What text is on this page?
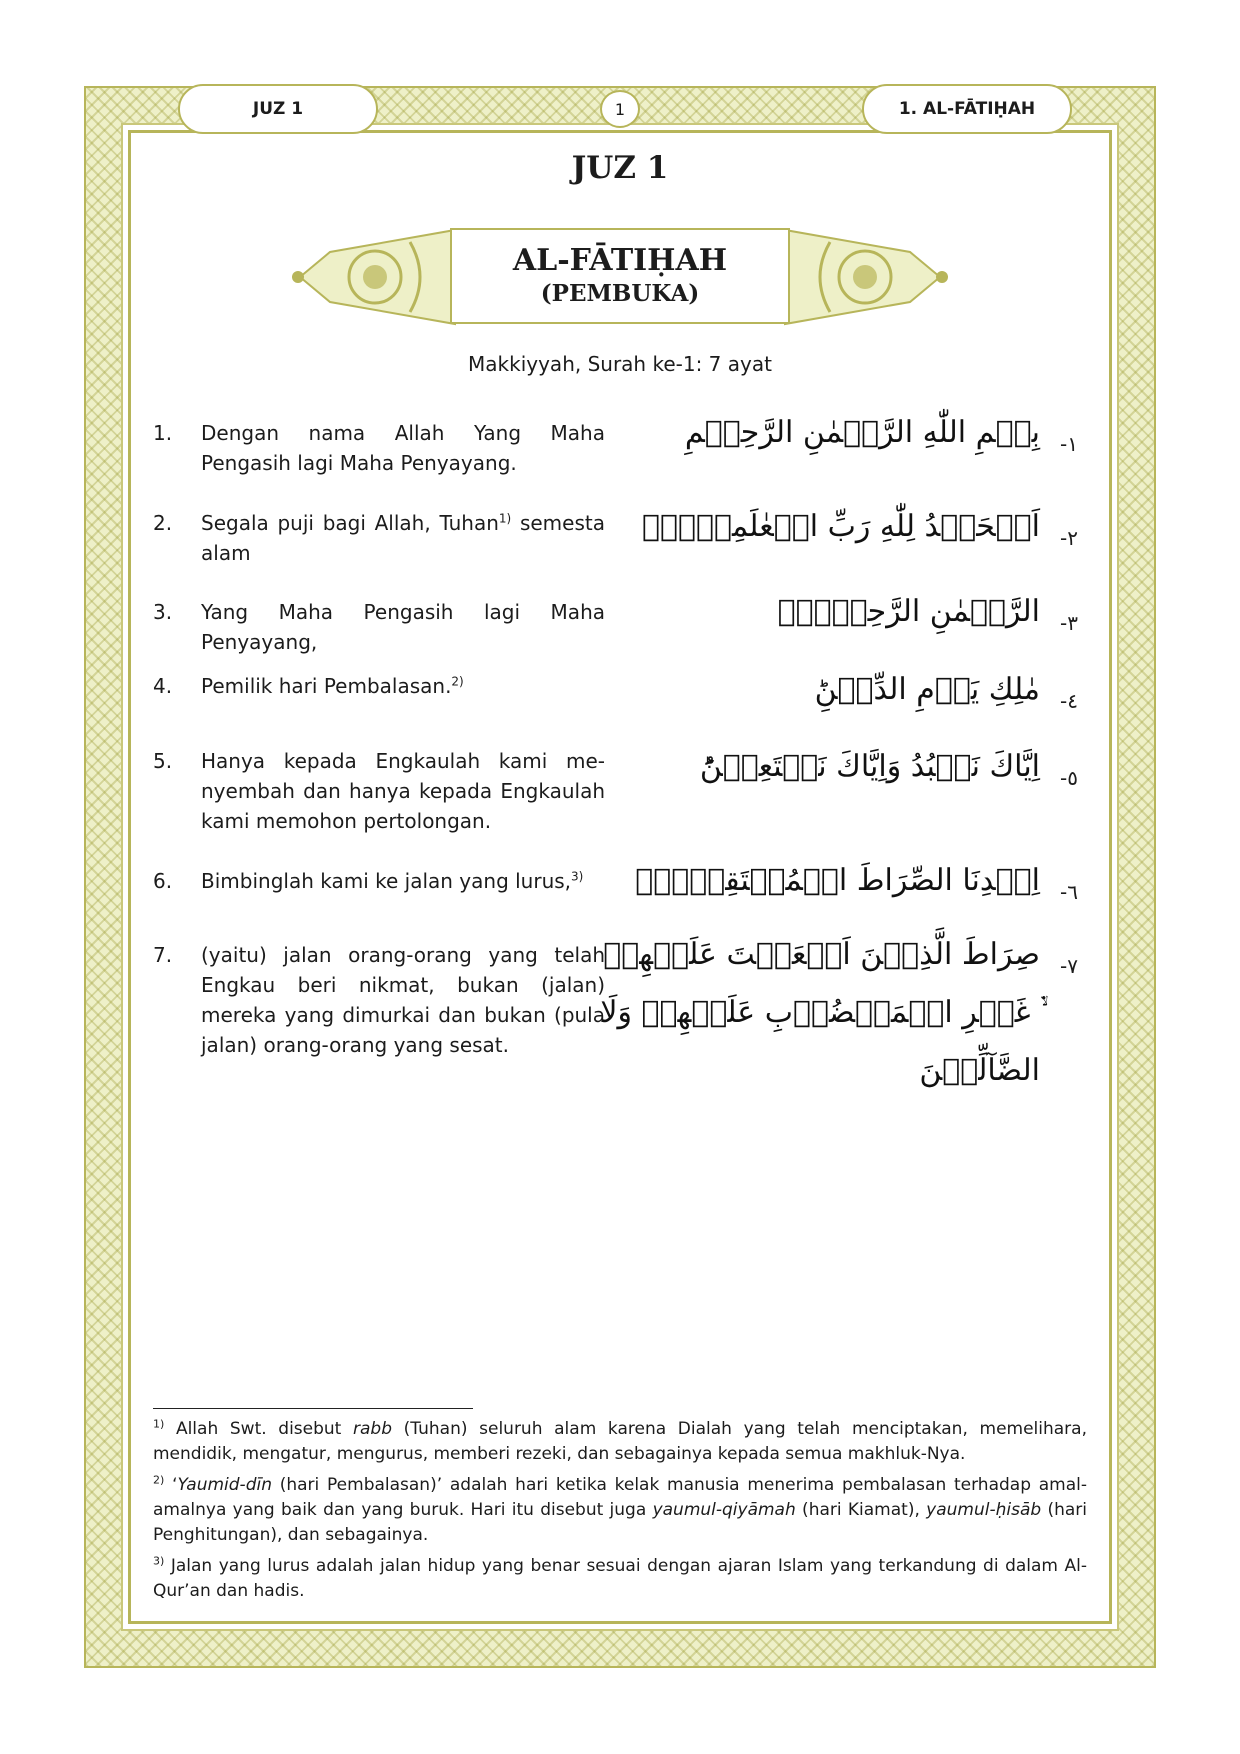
JUZ 1	1	1. AL-FĀTIḤAH
JUZ 1
AL-FĀTIḤAH
(PEMBUKA)
Makkiyyah, Surah ke-1: 7 ayat
1. Dengan nama Allah Yang Maha Pengasih lagi Maha Penyayang.
بِسۡمِ اللّٰهِ الرَّحۡمٰنِ الرَّحِيۡمِ -١
2. Segala puji bagi Allah, Tuhan$^{1)}$ semesta alam
اَلۡحَمۡدُ لِلّٰهِ رَبِّ الۡعٰلَمِيۡنَۙ -٢
3. Yang Maha Pengasih lagi Maha Penyayang,
الرَّحۡمٰنِ الرَّحِيۡمِۙ -٣
4. Pemilik hari Pembalasan.$^{2)}$	مٰلِكِ يَوۡمِ الدِّيۡنِؕ -٤
5. Hanya kepada Engkaulah kami menyembah dan hanya kepada Engkaulah kami memohon pertolongan.
اِيَّاكَ نَعۡبُدُ وَاِيَّاكَ نَسۡتَعِيۡنُؕ -٥
6. Bimbinglah kami ke jalan yang lurus,$^{3)}$	اِهۡدِنَا الصِّرَاطَ الۡمُسۡتَقِيۡمَۙ -٦
7. (yaitu) jalan orang-orang yang telah Engkau beri nikmat, bukan (jalan) mereka yang dimurkai dan bukan (pula jalan) orang-orang yang sesat.
صِرَاطَ الَّذِيۡنَ اَنۡعَمۡتَ عَلَيۡهِمۡ ۙ۬ غَيۡرِ الۡمَغۡضُوۡبِ عَلَيۡهِمۡ وَلَا الضَّآلِّيۡنَ
-٧
$^{1)}$ Allah Swt. disebut rabb (Tuhan) seluruh alam karena Dialah yang telah menciptakan, memelihara, mendidik, mengatur, mengurus, memberi rezeki, dan sebagainya kepada semua makhluk-Nya.
$^{2)}$ ‘Yaumid-dīn (hari Pembalasan)’ adalah hari ketika kelak manusia menerima pembalasan terhadap amal-amalnya yang baik dan yang buruk. Hari itu disebut juga yaumul-qiyāmah (hari Kiamat), yaumul-ḥisāb (hari Penghitungan), dan sebagainya.
$^{3)}$ Jalan yang lurus adalah jalan hidup yang benar sesuai dengan ajaran Islam yang terkandung di dalam Al-Qur’an dan hadis.
